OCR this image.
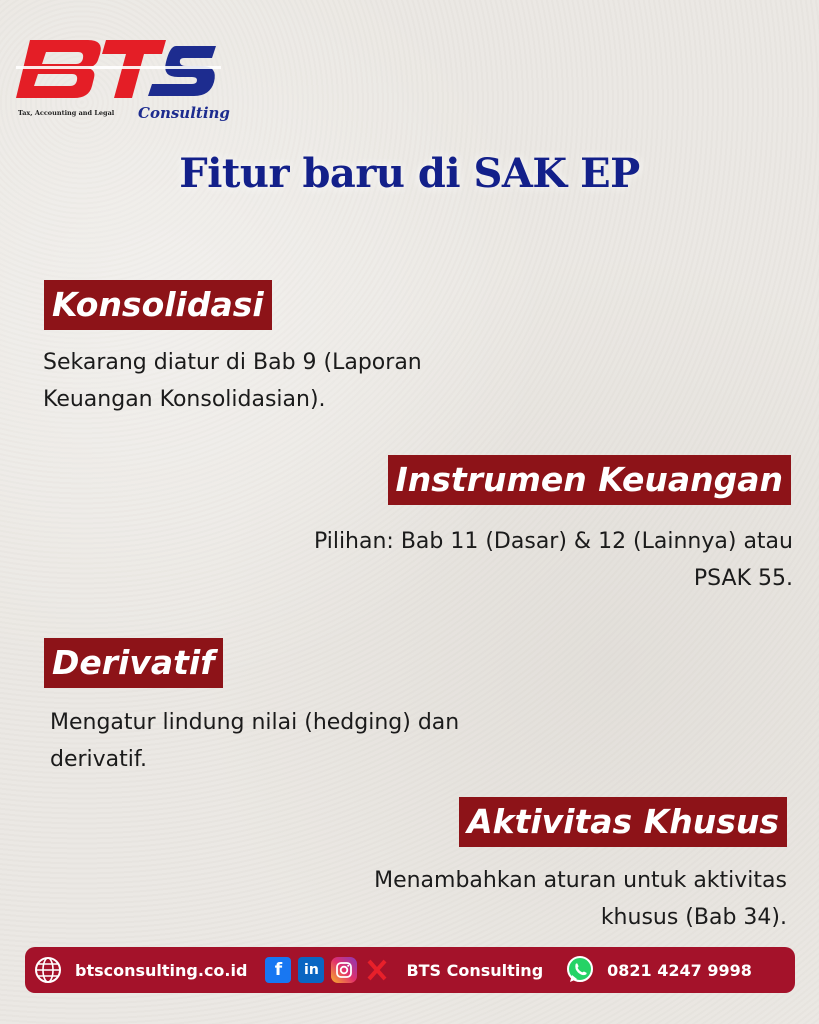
Tax, Accounting and Legal Consulting
Fitur baru di SAK EP
Konsolidasi
Sekarang diatur di Bab 9 (Laporan
Keuangan Konsolidasian).
Instrumen Keuangan
Pilihan: Bab 11 (Dasar) & 12 (Lainnya) atau
PSAK 55.
Derivatif
Mengatur lindung nilai (hedging) dan
derivatif.
Aktivitas Khusus
Menambahkan aturan untuk aktivitas
khusus (Bab 34).
btsconsulting.co.id	f	in	BTS Consulting	0821 4247 9998
